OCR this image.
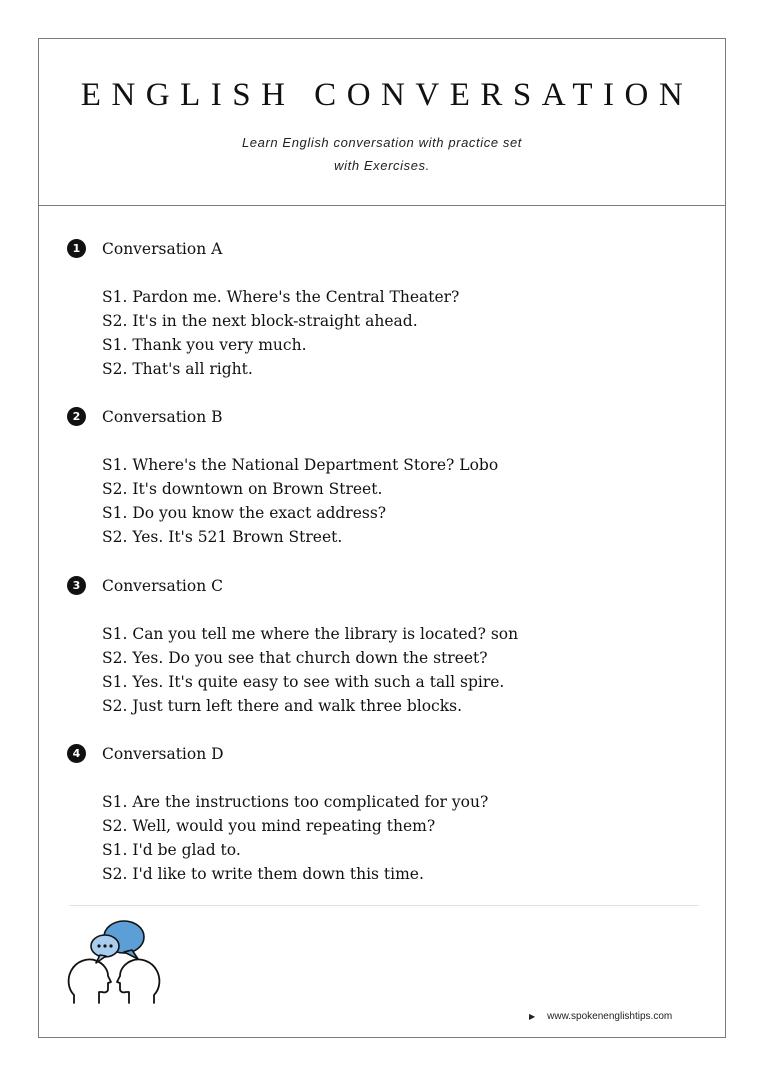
ENGLISH CONVERSATION
Learn English conversation with practice set
with Exercises.
1	Conversation A
S1. Pardon me. Where's the Central Theater?
S2. It's in the next block-straight ahead.
S1. Thank you very much.
S2. That's all right.
2	Conversation B
S1. Where's the National Department Store? Lobo
S2. It's downtown on Brown Street.
S1. Do you know the exact address?
S2. Yes. It's 521 Brown Street.
3	Conversation C
S1. Can you tell me where the library is located? son
S2. Yes. Do you see that church down the street?
S1. Yes. It's quite easy to see with such a tall spire.
S2. Just turn left there and walk three blocks.
4	Conversation D
S1. Are the instructions too complicated for you?
S2. Well, would you mind repeating them?
S1. I'd be glad to.
S2. I'd like to write them down this time.
▶ www.spokenenglishtips.com
